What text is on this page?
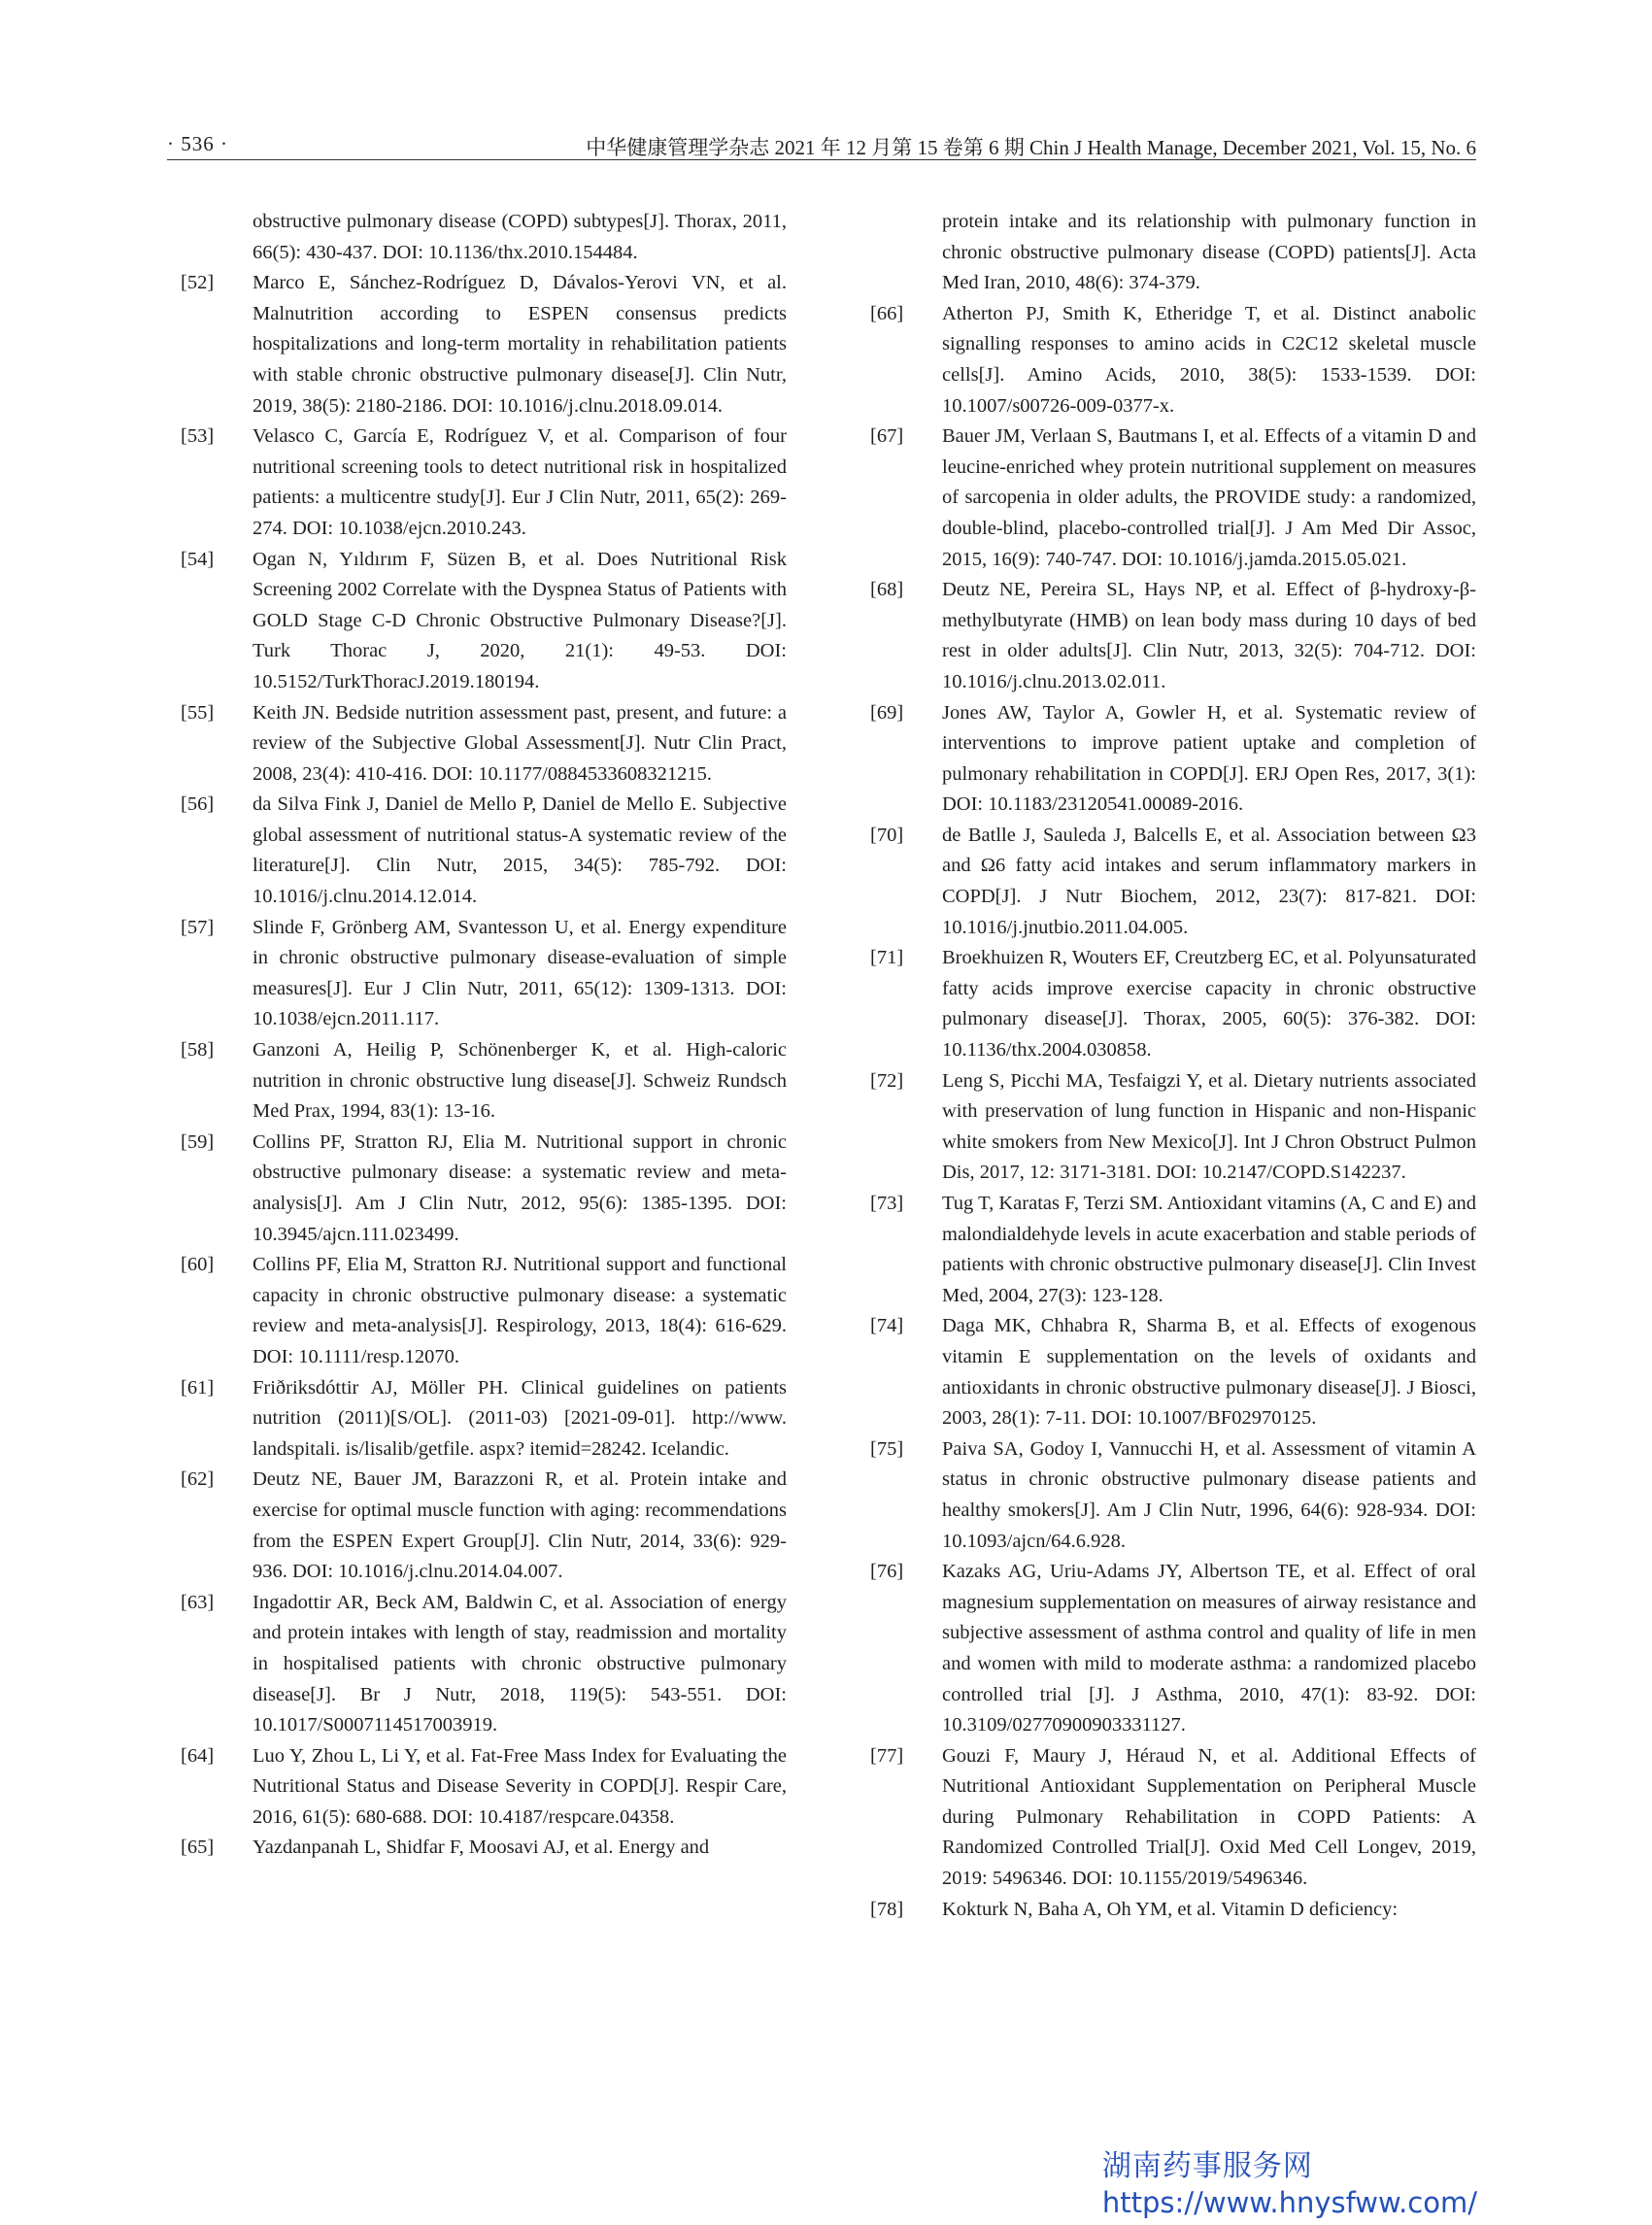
· 536 ·	中华健康管理学杂志 2021 年 12 月第 15 卷第 6 期 Chin J Health Manage, December 2021, Vol. 15, No. 6
obstructive pulmonary disease (COPD) subtypes[J]. Thorax, 2011, 66(5): 430-437. DOI: 10.1136/thx.2010.154484.
[52] Marco E, Sánchez-Rodríguez D, Dávalos-Yerovi VN, et al. Malnutrition according to ESPEN consensus predicts hospitalizations and long-term mortality in rehabilitation patients with stable chronic obstructive pulmonary disease[J]. Clin Nutr, 2019, 38(5): 2180-2186. DOI: 10.1016/j.clnu.2018.09.014.
[53] Velasco C, García E, Rodríguez V, et al. Comparison of four nutritional screening tools to detect nutritional risk in hospitalized patients: a multicentre study[J]. Eur J Clin Nutr, 2011, 65(2): 269-274. DOI: 10.1038/ejcn.2010.243.
[54] Ogan N, Yıldırım F, Süzen B, et al. Does Nutritional Risk Screening 2002 Correlate with the Dyspnea Status of Patients with GOLD Stage C-D Chronic Obstructive Pulmonary Disease?[J]. Turk Thorac J, 2020, 21(1): 49-53. DOI: 10.5152/TurkThoracJ.2019.180194.
[55] Keith JN. Bedside nutrition assessment past, present, and future: a review of the Subjective Global Assessment[J]. Nutr Clin Pract, 2008, 23(4): 410-416. DOI: 10.1177/0884533608321215.
[56] da Silva Fink J, Daniel de Mello P, Daniel de Mello E. Subjective global assessment of nutritional status-A systematic review of the literature[J]. Clin Nutr, 2015, 34(5): 785-792. DOI: 10.1016/j.clnu.2014.12.014.
[57] Slinde F, Grönberg AM, Svantesson U, et al. Energy expenditure in chronic obstructive pulmonary disease-evaluation of simple measures[J]. Eur J Clin Nutr, 2011, 65(12): 1309-1313. DOI: 10.1038/ejcn.2011.117.
[58] Ganzoni A, Heilig P, Schönenberger K, et al. High-caloric nutrition in chronic obstructive lung disease[J]. Schweiz Rundsch Med Prax, 1994, 83(1): 13-16.
[59] Collins PF, Stratton RJ, Elia M. Nutritional support in chronic obstructive pulmonary disease: a systematic review and meta-analysis[J]. Am J Clin Nutr, 2012, 95(6): 1385-1395. DOI: 10.3945/ajcn.111.023499.
[60] Collins PF, Elia M, Stratton RJ. Nutritional support and functional capacity in chronic obstructive pulmonary disease: a systematic review and meta-analysis[J]. Respirology, 2013, 18(4): 616-629. DOI: 10.1111/resp.12070.
[61] Friðriksdóttir AJ, Möller PH. Clinical guidelines on patients nutrition (2011)[S/OL]. (2011-03) [2021-09-01]. http://www. landspitali. is/lisalib/getfile. aspx? itemid=28242. Icelandic.
[62] Deutz NE, Bauer JM, Barazzoni R, et al. Protein intake and exercise for optimal muscle function with aging: recommendations from the ESPEN Expert Group[J]. Clin Nutr, 2014, 33(6): 929-936. DOI: 10.1016/j.clnu.2014.04.007.
[63] Ingadottir AR, Beck AM, Baldwin C, et al. Association of energy and protein intakes with length of stay, readmission and mortality in hospitalised patients with chronic obstructive pulmonary disease[J]. Br J Nutr, 2018, 119(5): 543-551. DOI: 10.1017/S0007114517003919.
[64] Luo Y, Zhou L, Li Y, et al. Fat-Free Mass Index for Evaluating the Nutritional Status and Disease Severity in COPD[J]. Respir Care, 2016, 61(5): 680-688. DOI: 10.4187/respcare.04358.
[65] Yazdanpanah L, Shidfar F, Moosavi AJ, et al. Energy and
protein intake and its relationship with pulmonary function in chronic obstructive pulmonary disease (COPD) patients[J]. Acta Med Iran, 2010, 48(6): 374-379.
[66] Atherton PJ, Smith K, Etheridge T, et al. Distinct anabolic signalling responses to amino acids in C2C12 skeletal muscle cells[J]. Amino Acids, 2010, 38(5): 1533-1539. DOI: 10.1007/s00726-009-0377-x.
[67] Bauer JM, Verlaan S, Bautmans I, et al. Effects of a vitamin D and leucine-enriched whey protein nutritional supplement on measures of sarcopenia in older adults, the PROVIDE study: a randomized, double-blind, placebo-controlled trial[J]. J Am Med Dir Assoc, 2015, 16(9): 740-747. DOI: 10.1016/j.jamda.2015.05.021.
[68] Deutz NE, Pereira SL, Hays NP, et al. Effect of β-hydroxy-β-methylbutyrate (HMB) on lean body mass during 10 days of bed rest in older adults[J]. Clin Nutr, 2013, 32(5): 704-712. DOI: 10.1016/j.clnu.2013.02.011.
[69] Jones AW, Taylor A, Gowler H, et al. Systematic review of interventions to improve patient uptake and completion of pulmonary rehabilitation in COPD[J]. ERJ Open Res, 2017, 3(1): DOI: 10.1183/23120541.00089-2016.
[70] de Batlle J, Sauleda J, Balcells E, et al. Association between Ω3 and Ω6 fatty acid intakes and serum inflammatory markers in COPD[J]. J Nutr Biochem, 2012, 23(7): 817-821. DOI: 10.1016/j.jnutbio.2011.04.005.
[71] Broekhuizen R, Wouters EF, Creutzberg EC, et al. Polyunsaturated fatty acids improve exercise capacity in chronic obstructive pulmonary disease[J]. Thorax, 2005, 60(5): 376-382. DOI: 10.1136/thx.2004.030858.
[72] Leng S, Picchi MA, Tesfaigzi Y, et al. Dietary nutrients associated with preservation of lung function in Hispanic and non-Hispanic white smokers from New Mexico[J]. Int J Chron Obstruct Pulmon Dis, 2017, 12: 3171-3181. DOI: 10.2147/COPD.S142237.
[73] Tug T, Karatas F, Terzi SM. Antioxidant vitamins (A, C and E) and malondialdehyde levels in acute exacerbation and stable periods of patients with chronic obstructive pulmonary disease[J]. Clin Invest Med, 2004, 27(3): 123-128.
[74] Daga MK, Chhabra R, Sharma B, et al. Effects of exogenous vitamin E supplementation on the levels of oxidants and antioxidants in chronic obstructive pulmonary disease[J]. J Biosci, 2003, 28(1): 7-11. DOI: 10.1007/BF02970125.
[75] Paiva SA, Godoy I, Vannucchi H, et al. Assessment of vitamin A status in chronic obstructive pulmonary disease patients and healthy smokers[J]. Am J Clin Nutr, 1996, 64(6): 928-934. DOI: 10.1093/ajcn/64.6.928.
[76] Kazaks AG, Uriu-Adams JY, Albertson TE, et al. Effect of oral magnesium supplementation on measures of airway resistance and subjective assessment of asthma control and quality of life in men and women with mild to moderate asthma: a randomized placebo controlled trial [J]. J Asthma, 2010, 47(1): 83-92. DOI: 10.3109/02770900903331127.
[77] Gouzi F, Maury J, Héraud N, et al. Additional Effects of Nutritional Antioxidant Supplementation on Peripheral Muscle during Pulmonary Rehabilitation in COPD Patients: A Randomized Controlled Trial[J]. Oxid Med Cell Longev, 2019, 2019: 5496346. DOI: 10.1155/2019/5496346.
[78] Kokturk N, Baha A, Oh YM, et al. Vitamin D deficiency:
湖南药事服务网
https://www.hnysfww.com/
